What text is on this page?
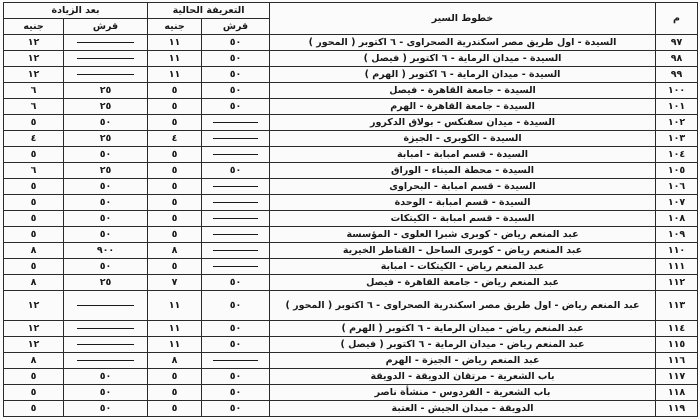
م	خطوط السير	التعريفة الحالية		بعد الزيادة	
		قرش	جنيه	قرش	جنيه
٩٧	السيدة - اول طريق مصر اسكندرية الصحراوى - ٦ اكتوبر ( المحور )	٥٠	١١		١٢
٩٨	السيدة - ميدان الرماية - ٦ اكتوبر ( فيصل )	٥٠	١١		١٢
٩٩	السيدة - ميدان الرماية - ٦ اكتوبر ( الهرم )	٥٠	١١		١٢
١٠٠	السيدة - جامعة القاهرة - فيصل	٥٠	٥	٢٥	٦
١٠١	السيدة - جامعة القاهرة - الهرم	٥٠	٥	٢٥	٦
١٠٢	السيدة - ميدان سفنكس - بولاق الدكرور		٥	٥٠	٥
١٠٣	السيدة - الكوبرى - الجيزة		٤	٢٥	٤
١٠٤	السيدة - قسم امبابة - امبابة		٥	٥٠	٥
١٠٥	السيدة - محطة الميناء - الوراق	٥٠	٥	٢٥	٦
١٠٦	السيدة - قسم امبابة - البحراوى		٥	٥٠	٥
١٠٧	السيدة - قسم امبابة - الوحدة		٥	٥٠	٥
١٠٨	السيدة - قسم امبابة - الكيتكات		٥	٥٠	٥
١٠٩	عبد المنعم رياض - كوبرى شبرا العلوى - المؤسسة		٥	٥٠	٥
١١٠	عبد المنعم رياض - كوبرى الساحل - القناطر الخيرية		٨	٩٠٠	٨
١١١	عبد المنعم رياض - الكيتكات - امبابة		٥	٥٠	٥
١١٢	عبد المنعم رياض - جامعة القاهرة - فيصل	٥٠	٧	٢٥	٨
١١٣	عبد المنعم رياض - اول طريق مصر اسكندرية الصحراوى - ٦ اكتوبر ( المحور )	٥٠	١١		١٢
١١٤	عبد المنعم رياض - ميدان الرماية - ٦ اكتوبر ( الهرم )	٥٠	١١		١٢
١١٥	عبد المنعم رياض - ميدان الرماية - ٦ اكتوبر ( فيصل )	٥٠	١١		١٢
١١٦	عبد المنعم رياض - الجيزة - الهرم		٨		٨
١١٧	باب الشعرية - مرتقان الدويقة - الدويقة	٥٠	٥	٥٠	٥
١١٨	باب الشعرية - الفردوس - منشأة ناصر	٥٠	٥	٥٠	٥
١١٩	الدويقة - ميدان الجيش - العتبة	٥٠	٥	٥٠	٥
